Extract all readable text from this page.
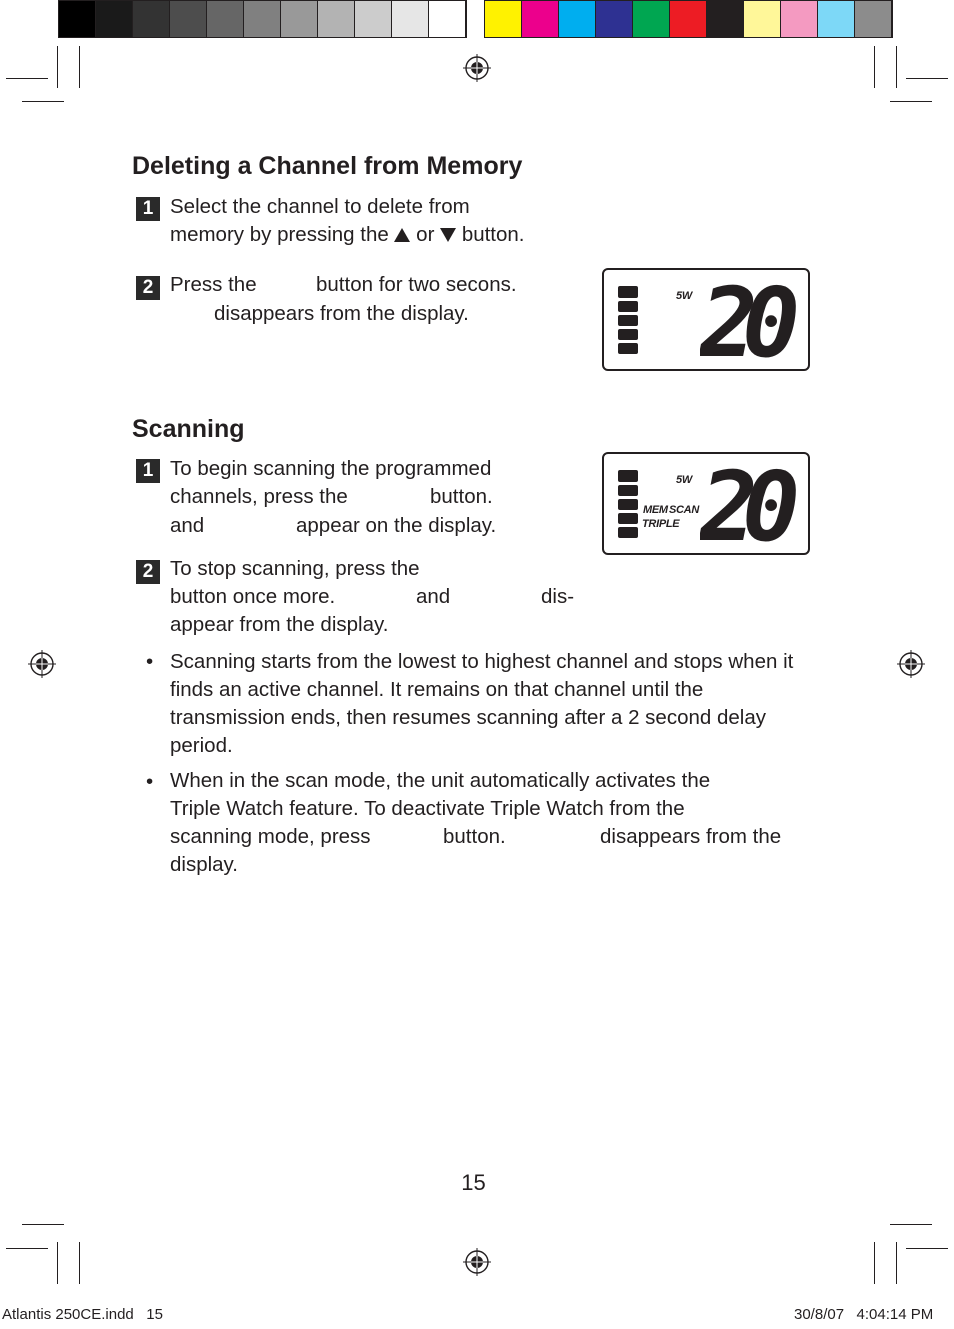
Deleting a Channel from Memory
1 Select the channel to delete from
memory by pressing the or button.
2 Press the	button for two secons.
disappears from the display.
5W 20
Scanning
1 To begin scanning the programmed
channels, press the	button.
and	appear on the display.
2 To stop scanning, press the
button once more.	and	dis-
appear from the display.
5W
MEM SCAN
TRIPLE 20
• Scanning starts from the lowest to highest channel and stops when it finds an active channel. It remains on that channel until the transmission ends, then resumes scanning after a 2 second delay period.
• When in the scan mode, the unit automatically activates the
Triple Watch feature. To deactivate Triple Watch from the
scanning mode, press	button.	disappears from the
display.
15
Atlantis 250CE.indd   15	30/8/07   4:04:14 PM
